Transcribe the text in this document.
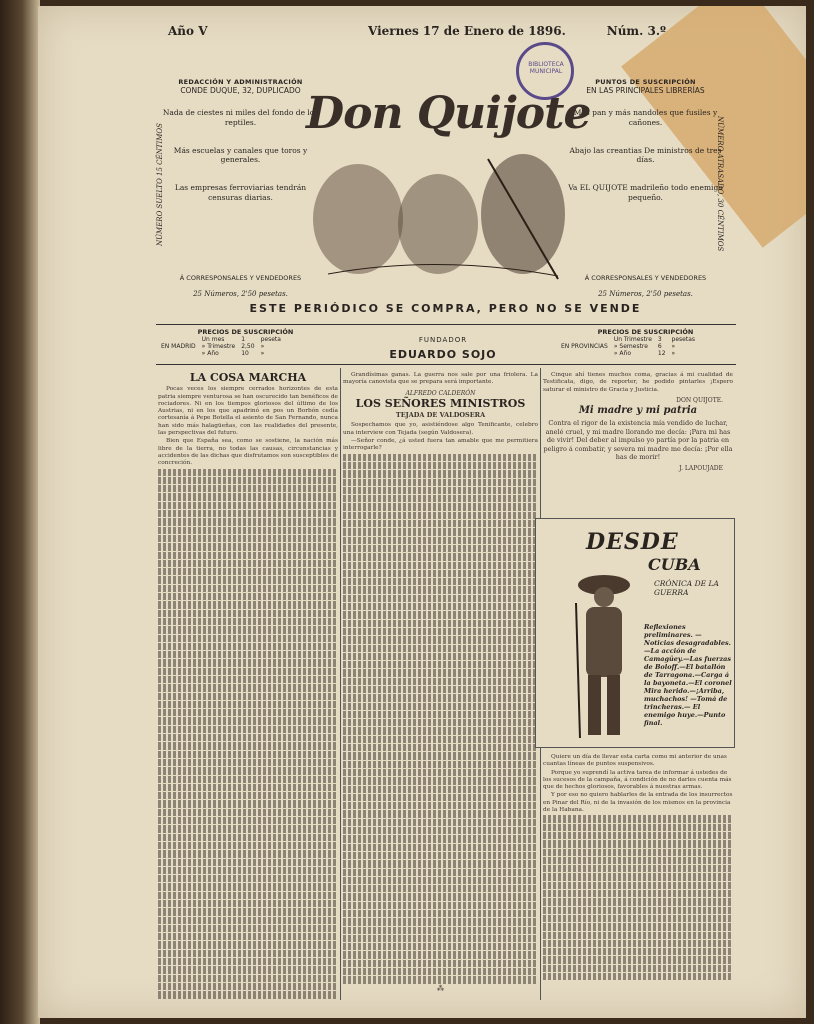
Año V	Viernes 17 de Enero de 1896.	Núm. 3.º
BIBLIOTECA MUNICIPAL
REDACCIÓN Y ADMINISTRACIÓN
CONDE DUQUE, 32, DUPLICADO

Nada de ciestes ni miles del fondo de los reptiles.

Más escuelas y canales que toros y generales.

Las empresas ferroviarias tendrán censuras diarias.

Á CORRESPONSALES Y VENDEDORES
25 Números, 2'50 pesetas.
PUNTOS DE SUSCRIPCIÓN
EN LAS PRINCIPALES LIBRERÍAS

Más pan y más nandoles que fusiles y cañones.

Abajo las creantias De ministros de tres días.

Va EL QUIJOTE madrileño todo enemigo pequeño.

Á CORRESPONSALES Y VENDEDORES
25 Números, 2'50 pesetas.
NÚMERO SUELTO 15 CÉNTIMOS	NÚMERO ATRASADO, 30 CÉNTIMOS
Don Quijote
ESTE PERIÓDICO SE COMPRA, PERO NO SE VENDE
PRECIOS DE SUSCRIPCIÓN
EN MADRID	Un mes	1	peseta
	» Trimestre	2,50	»
	» Año	10	»
FUNDADOR
EDUARDO SOJO
PRECIOS DE SUSCRIPCIÓN
EN PROVINCIAS	Un Trimestre	3	pesetas
	» Semestre	6	»
	» Año	12	»
LA COSA MARCHA

Pocas veces los siempre cerrados horizontes de esta patria siempre venturosa se han oscurecido tan benéficos de rociadores. Ni en los tiempos gloriosos del último de los Austrias, ni en los que apadrinó en pos un Borbón cedía cortesanía á Pepe Botella el asiento de San Fernando, nunca han sido más halagüeñas, con las realidades del presente, las perspectivas del futuro.

Bien que España sea, como se sostiene, la nación más libre de la tierra, no todas las causas, circunstancias y accidentes de las dichas que disfrutamos son susceptibles de concreción.

Grandísimas ganas. La guerra nos sale por una friolera. La mayoría canovista que se prepara será importante.

ALFREDO CALDERÓN
LOS SEÑORES MINISTROS
TEJADA DE VALDOSERA

Sospechamos que yo, asistiéndose algo Tenificante, celebro una interview con Tejada (según Valdosera).

—Señor conde, ¿á usted fuera tan amable que me permitiera interrogarle?

⁂

Cinque ahí tienes muchos coma, gracias á mi cualidad de Testificata, digo, de reporter, he podido pintarles ¡Espero saturar el ministro de Gracia y Justicia.

DON QUIJOTE.
Mi madre y mi patria
Contra el rigor de la existencia mía vendido de luchar, anelé cruel, y mi madre llorando me decía: ¡Para mi has de vivir! Del deber al impulso yo partía por la patria en peligro á combatir, y severa mi madre me decía: ¡Por ella has de morir!
J. LAPOUJADE
DESDE
CUBA
CRÓNICA DE LA GUERRA
Reflexiones preliminares. — Noticias desagradables.—La acción de Camagüey.—Las fuerzas de Boloff.—El batallón de Tarragona.—Carga á la bayoneta.—El coronel Mira herido.—¡Arriba, muchachos! —Tomá de trincheras.— El enemigo huye.—Punto final.

Quiere un día de llevar esta carta como mi anterior de unas cuantas líneas de puntos suspensivos.

Porque yo suprendí la activa tarea de informar á ustedes de los sucesos de la campaña, á condición de no darles cuenta más que de hechos gloriosos, favorables á nuestras armas.

Y por eso no quiero hablarles de la entrada de los insurrectos en Pinar del Río, ni de la invasión de los mismos en la provincia de la Habana.
